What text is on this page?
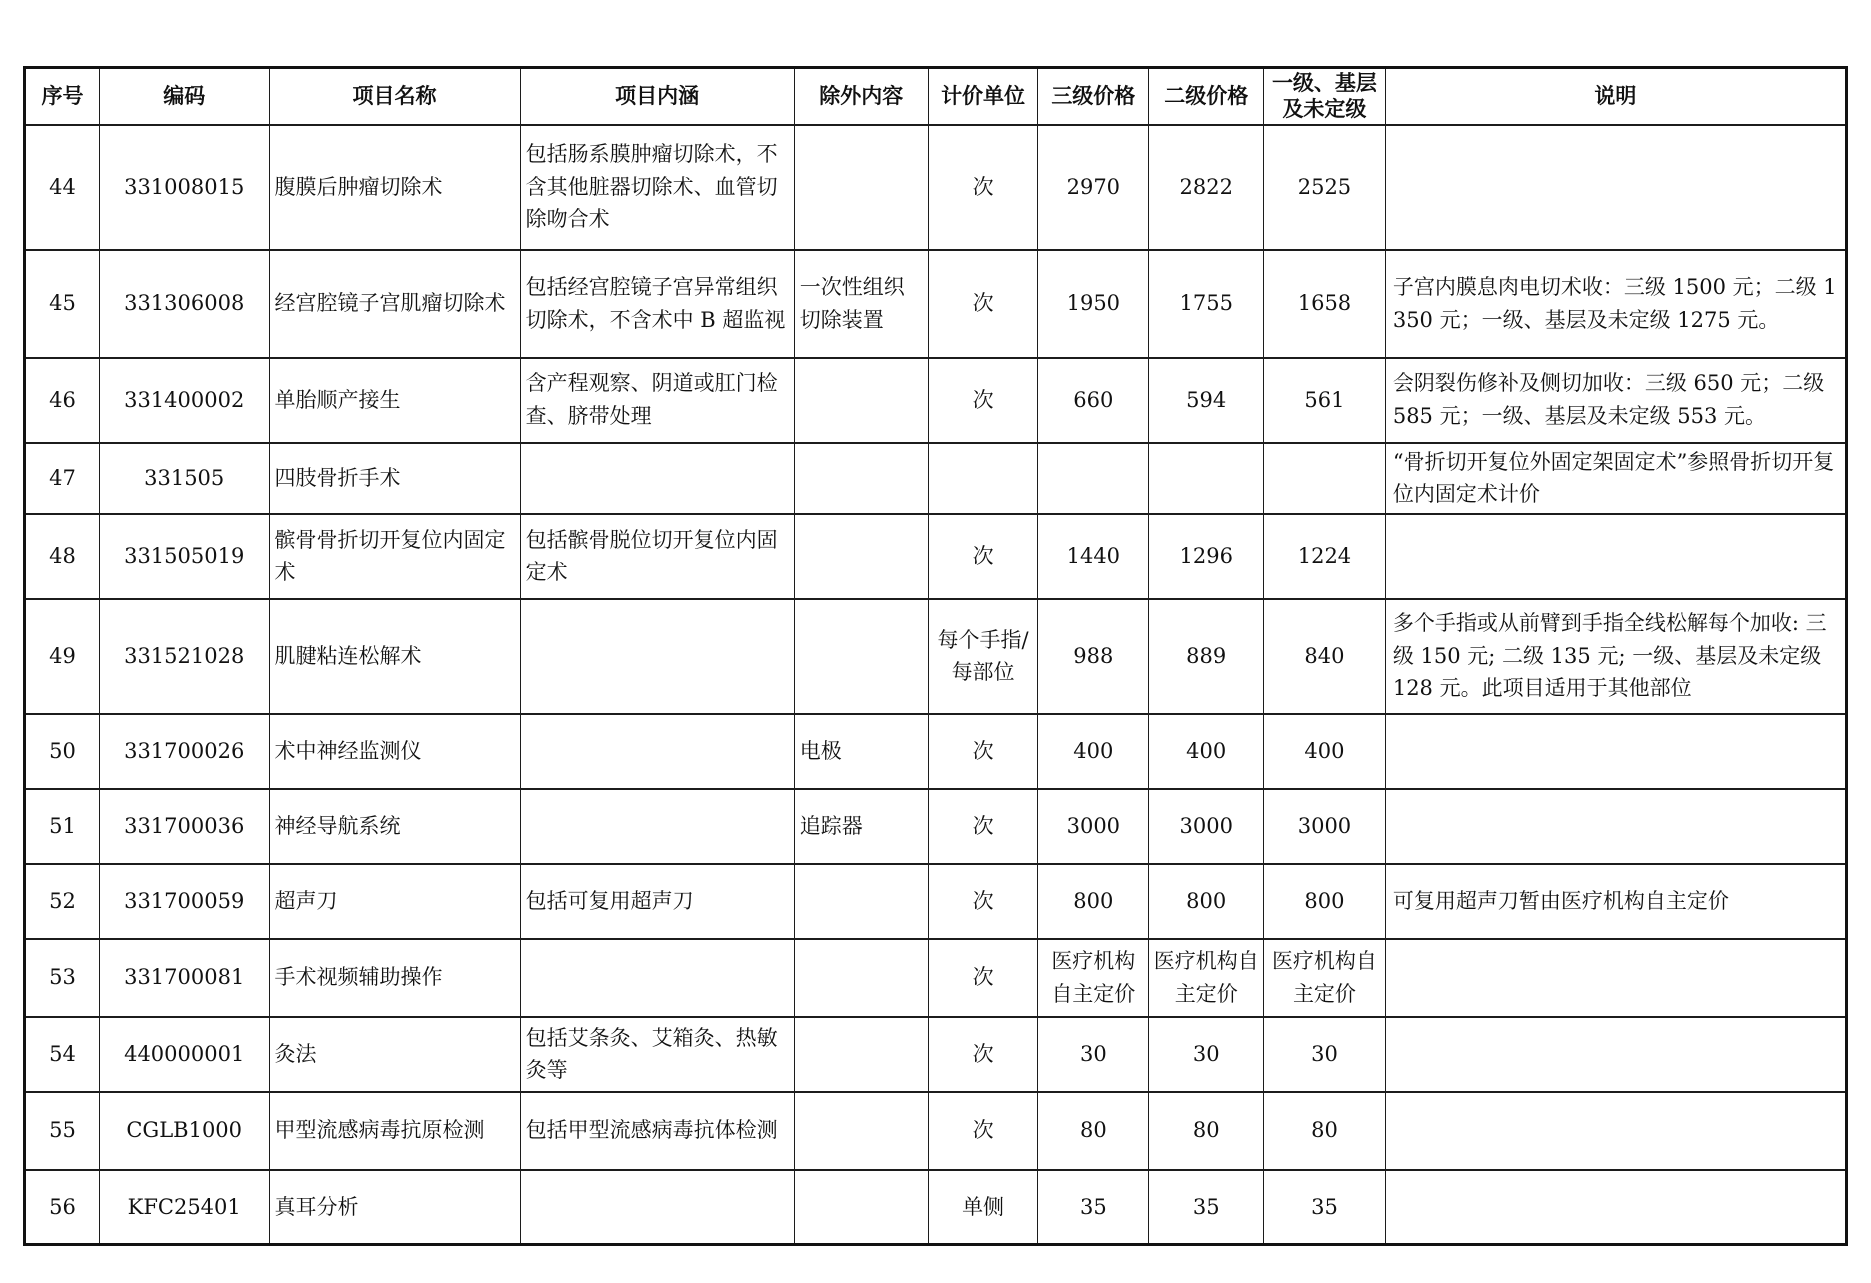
序号	编码	项目名称	项目内涵	除外内容	计价单位	三级价格	二级价格	一级、基层及未定级	说明
44	331008015	腹膜后肿瘤切除术	包括肠系膜肿瘤切除术，不含其他脏器切除术、血管切除吻合术		次	2970	2822	2525	
45	331306008	经宫腔镜子宫肌瘤切除术	包括经宫腔镜子宫异常组织切除术，不含术中 B 超监视	一次性组织切除装置	次	1950	1755	1658	子宫内膜息肉电切术收：三级 1500 元；二级 1350 元；一级、基层及未定级 1275 元。
46	331400002	单胎顺产接生	含产程观察、阴道或肛门检查、脐带处理		次	660	594	561	会阴裂伤修补及侧切加收：三级 650 元；二级 585 元；一级、基层及未定级 553 元。
47	331505	四肢骨折手术							“骨折切开复位外固定架固定术”参照骨折切开复位内固定术计价
48	331505019	髌骨骨折切开复位内固定术	包括髌骨脱位切开复位内固定术		次	1440	1296	1224	
49	331521028	肌腱粘连松解术			每个手指/每部位	988	889	840	多个手指或从前臂到手指全线松解每个加收: 三级 150 元; 二级 135 元; 一级、基层及未定级 128 元。此项目适用于其他部位
50	331700026	术中神经监测仪		电极	次	400	400	400	
51	331700036	神经导航系统		追踪器	次	3000	3000	3000	
52	331700059	超声刀	包括可复用超声刀		次	800	800	800	可复用超声刀暂由医疗机构自主定价
53	331700081	手术视频辅助操作			次	医疗机构自主定价	医疗机构自主定价	医疗机构自主定价	
54	440000001	灸法	包括艾条灸、艾箱灸、热敏灸等		次	30	30	30	
55	CGLB1000	甲型流感病毒抗原检测	包括甲型流感病毒抗体检测		次	80	80	80	
56	KFC25401	真耳分析			单侧	35	35	35	
